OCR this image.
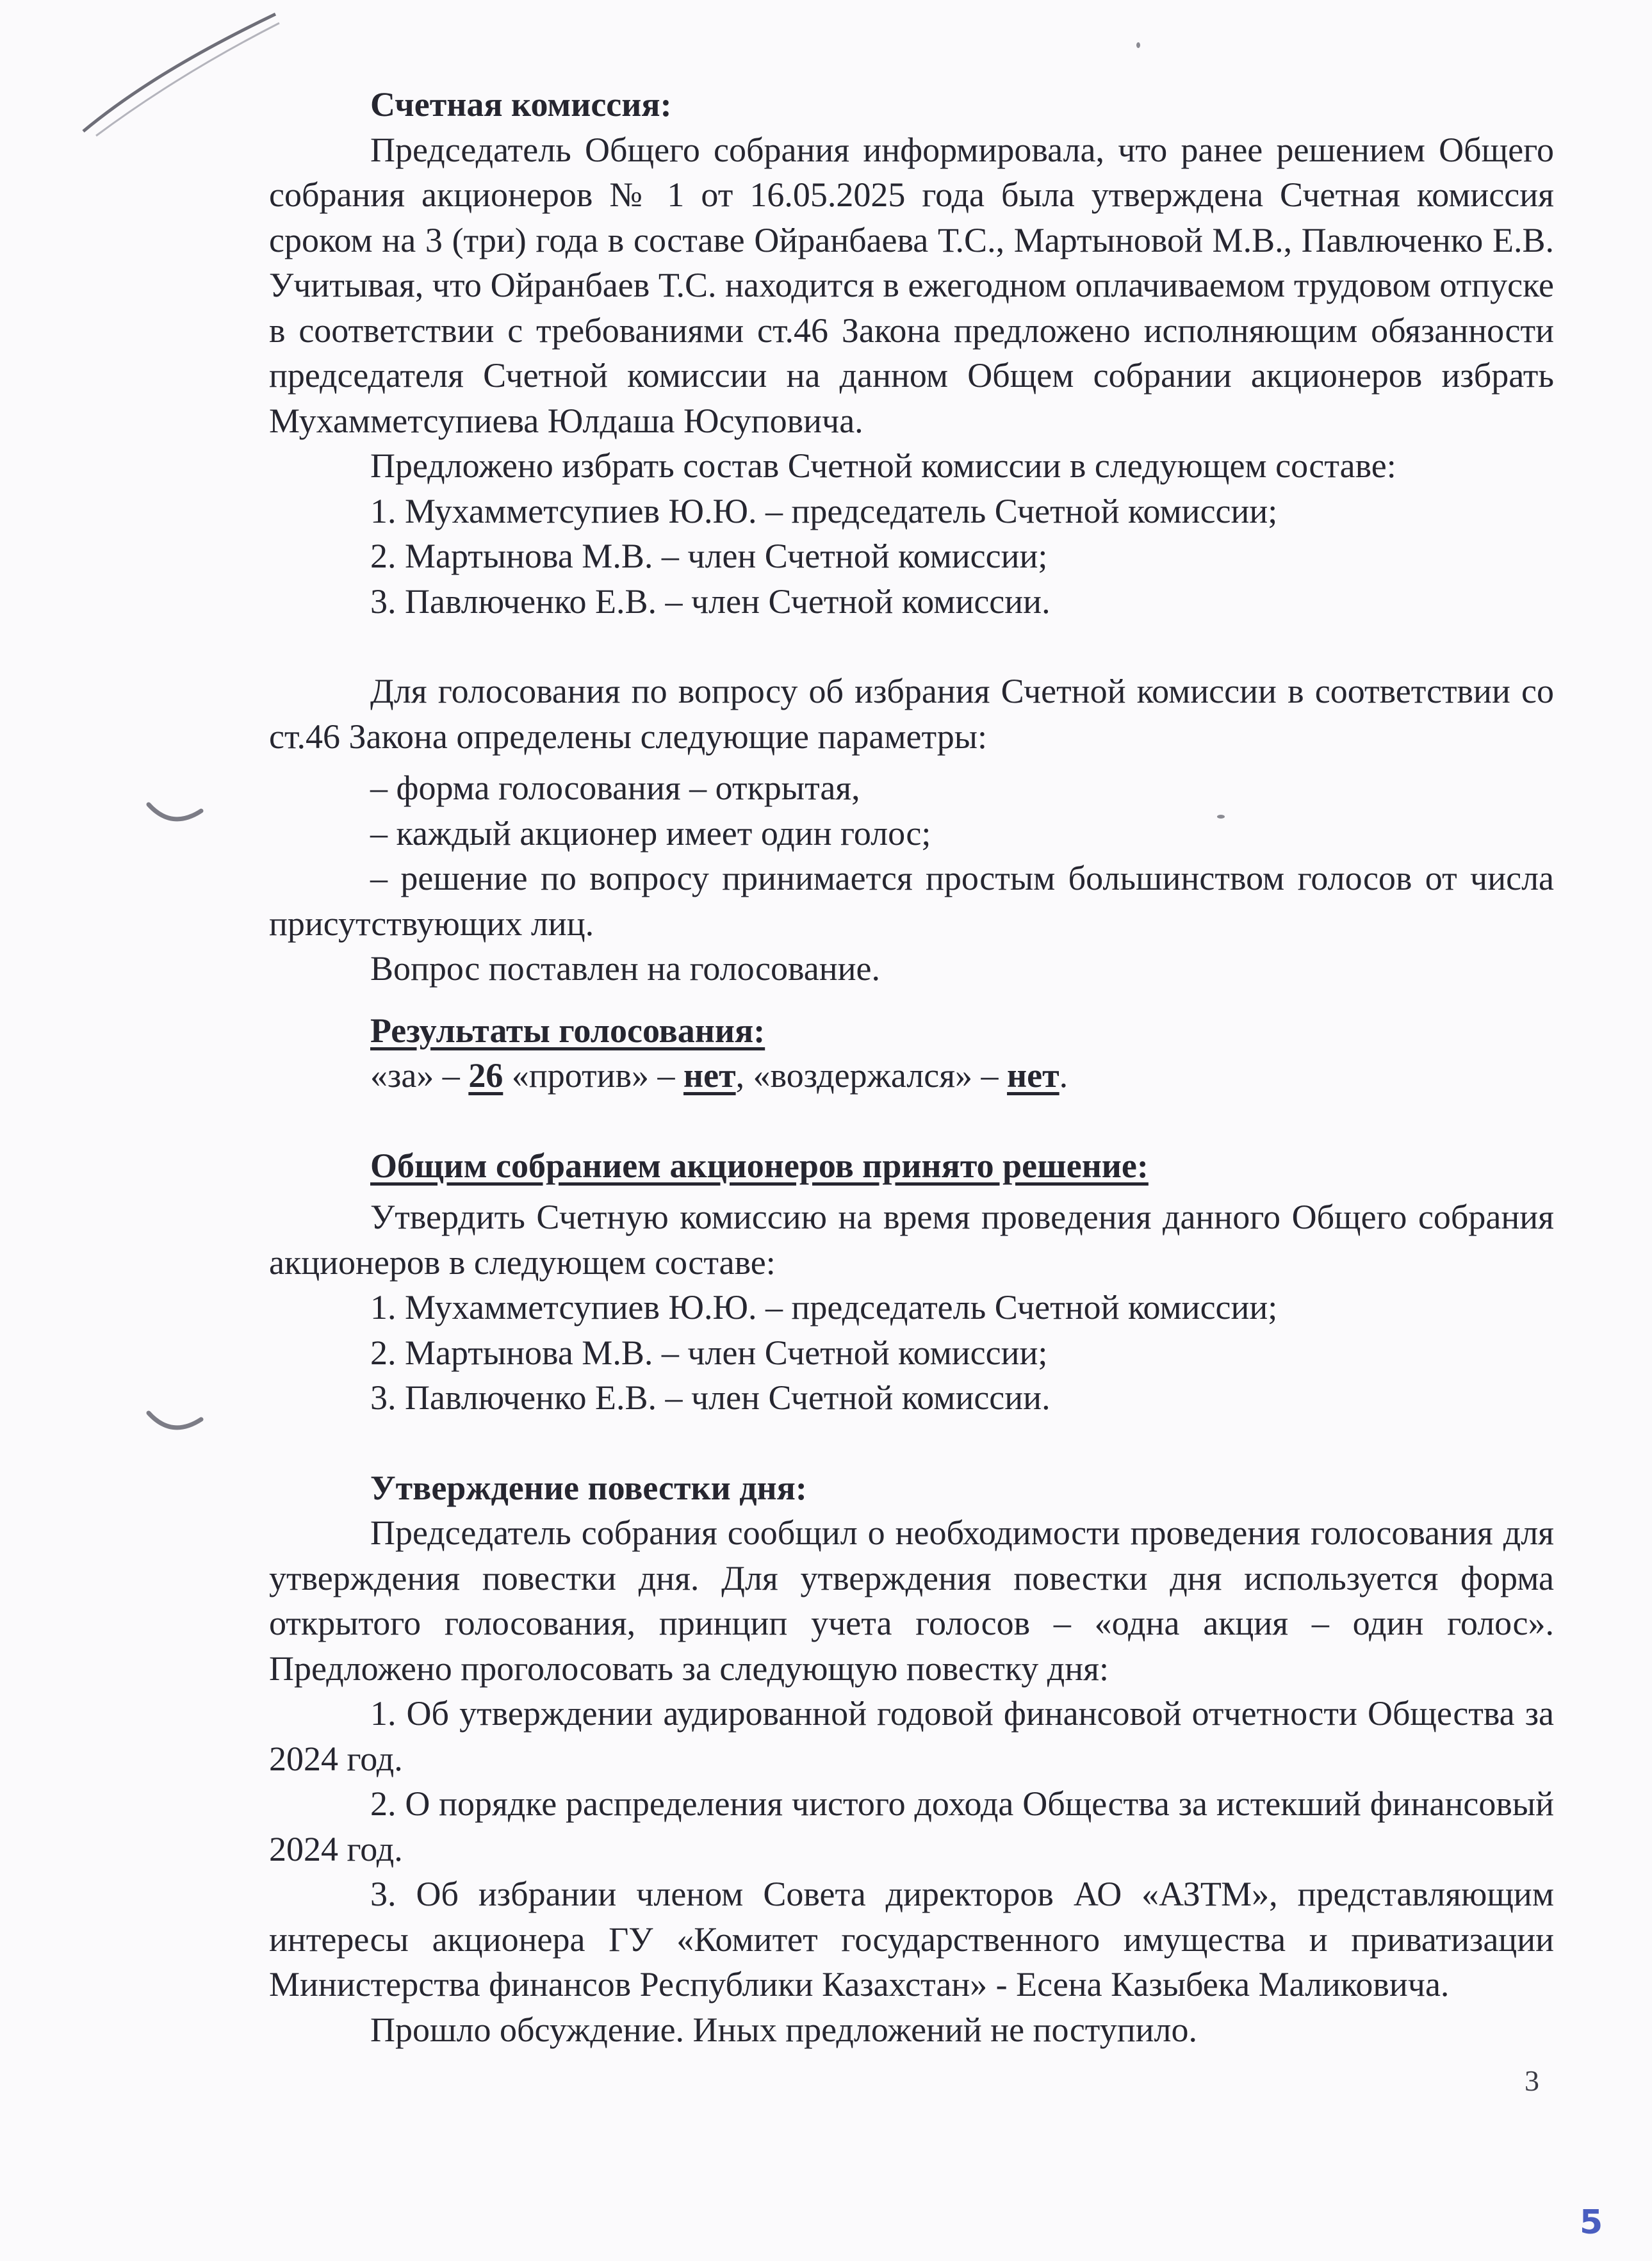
Счетная комиссия:

Председатель Общего собрания информировала, что ранее решением Общего собрания акционеров № 1 от 16.05.2025 года была утверждена Счетная комиссия сроком на 3 (три) года в составе Ойранбаева Т.С., Мартыновой М.В., Павлюченко Е.В. Учитывая, что Ойранбаев Т.С. находится в ежегодном оплачиваемом трудовом отпуске в соответствии с требованиями ст.46 Закона предложено исполняющим обязанности председателя Счетной комиссии на данном Общем собрании акционеров избрать Мухамметсупиева Юлдаша Юсуповича.

Предложено избрать состав Счетной комиссии в следующем составе:

1. Мухамметсупиев Ю.Ю. – председатель Счетной комиссии;

2. Мартынова М.В. – член Счетной комиссии;

3. Павлюченко Е.В. – член Счетной комиссии.

Для голосования по вопросу об избрания Счетной комиссии в соответствии со ст.46 Закона определены следующие параметры:

– форма голосования – открытая,

– каждый акционер имеет один голос;

– решение по вопросу принимается простым большинством голосов от числа присутствующих лиц.

Вопрос поставлен на голосование.

Результаты голосования:

«за» – 26 «против» – нет, «воздержался» – нет.

Общим собранием акционеров принято решение:

Утвердить Счетную комиссию на время проведения данного Общего собрания акционеров в следующем составе:

1. Мухамметсупиев Ю.Ю. – председатель Счетной комиссии;

2. Мартынова М.В. – член Счетной комиссии;

3. Павлюченко Е.В. – член Счетной комиссии.

Утверждение повестки дня:

Председатель собрания сообщил о необходимости проведения голосования для утверждения повестки дня. Для утверждения повестки дня используется форма открытого голосования, принцип учета голосов – «одна акция – один голос». Предложено проголосовать за следующую повестку дня:

1. Об утверждении аудированной годовой финансовой отчетности Общества за 2024 год.

2. О порядке распределения чистого дохода Общества за истекший финансовый 2024 год.

3. Об избрании членом Совета директоров АО «АЗТМ», представляющим интересы акционера ГУ «Комитет государственного имущества и приватизации Министерства финансов Республики Казахстан» - Есена Казыбека Маликовича.

Прошло обсуждение. Иных предложений не поступило.

3
5
